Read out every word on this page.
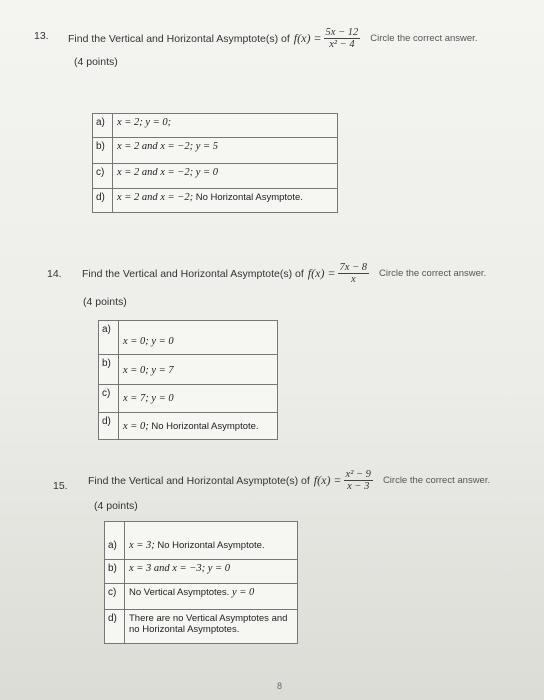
13. Find the Vertical and Horizontal Asymptote(s) of $f(x) = \frac{5x - 12}{\text{x² − 4}}$ Circle the correct answer.
(4 points)
a)	x = 2; y = 0;
b)	x = 2 and x = −2; y = 5
c)	x = 2 and x = −2; y = 0
d)	x = 2 and x = −2; No Horizontal Asymptote.
14. Find the Vertical and Horizontal Asymptote(s) of $f(x) = \frac{7x - 8}{x}$ Circle the correct answer.
(4 points)
a)	x = 0; y = 0
b)	x = 0; y = 7
c)	x = 7; y = 0
d)	x = 0; No Horizontal Asymptote.
15. Find the Vertical and Horizontal Asymptote(s) of $f(x) = \frac{\text{x² − 9}}{x - 3}$ Circle the correct answer.
(4 points)
a)	x = 3; No Horizontal Asymptote.
b)	x = 3 and x = −3; y = 0
c)	No Vertical Asymptotes. y = 0
d)	There are no Vertical Asymptotes and no Horizontal Asymptotes.
8
